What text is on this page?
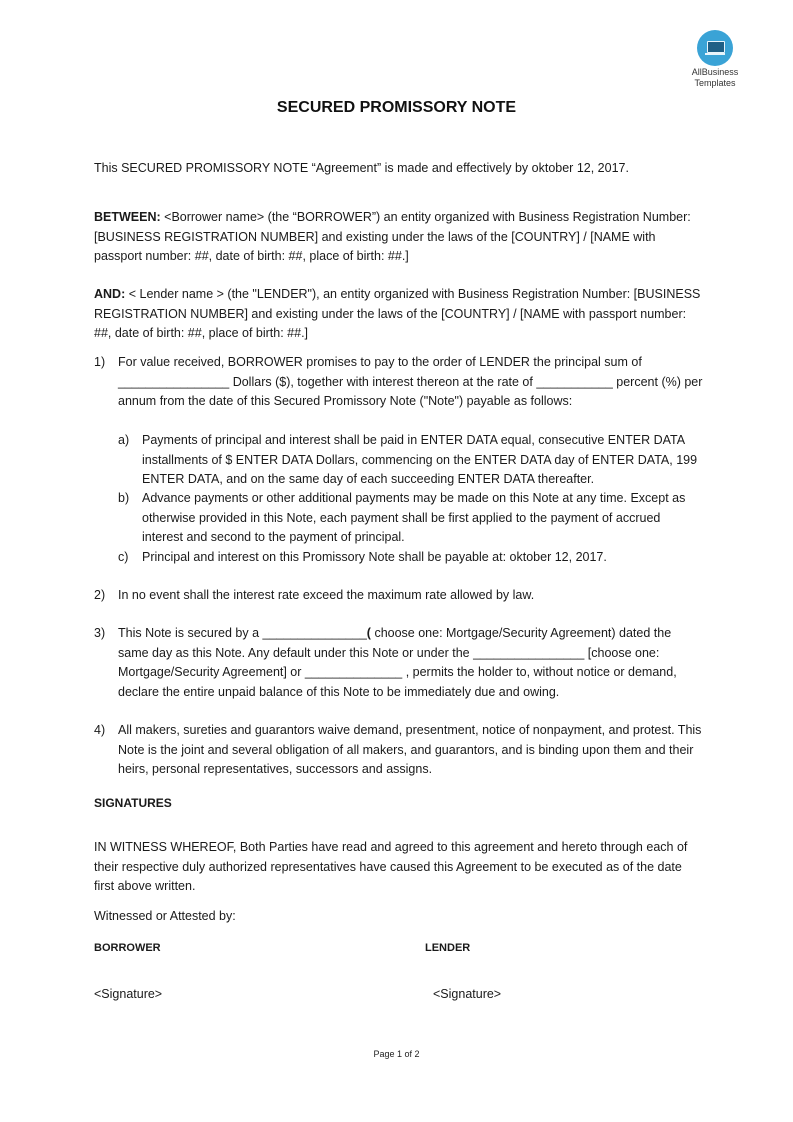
AllBusiness
Templates
SECURED PROMISSORY NOTE

This SECURED PROMISSORY NOTE “Agreement” is made and effectively by oktober 12, 2017.

BETWEEN: <Borrower name> (the “BORROWER”) an entity organized with Business Registration Number: [BUSINESS REGISTRATION NUMBER] and existing under the laws of the [COUNTRY] / [NAME with passport number: ##, date of birth: ##, place of birth: ##.]

AND: < Lender name > (the "LENDER"), an entity organized with Business Registration Number: [BUSINESS REGISTRATION NUMBER] and existing under the laws of the [COUNTRY] / [NAME with passport number: ##, date of birth: ##, place of birth: ##.]

1) For value received, BORROWER promises to pay to the order of LENDER the principal sum of ________________ Dollars ($), together with interest thereon at the rate of ___________ percent (%) per annum from the date of this Secured Promissory Note ("Note") payable as follows:

a) Payments of principal and interest shall be paid in ENTER DATA equal, consecutive ENTER DATA installments of $ ENTER DATA Dollars, commencing on the ENTER DATA day of ENTER DATA, 199 ENTER DATA, and on the same day of each succeeding ENTER DATA thereafter.

b) Advance payments or other additional payments may be made on this Note at any time. Except as otherwise provided in this Note, each payment shall be first applied to the payment of accrued interest and second to the payment of principal.

c) Principal and interest on this Promissory Note shall be payable at: oktober 12, 2017.

2) In no event shall the interest rate exceed the maximum rate allowed by law.

3) This Note is secured by a _______________( choose one: Mortgage/Security Agreement) dated the same day as this Note. Any default under this Note or under the ________________ [choose one: Mortgage/Security Agreement] or ______________ , permits the holder to, without notice or demand, declare the entire unpaid balance of this Note to be immediately due and owing.

4) All makers, sureties and guarantors waive demand, presentment, notice of nonpayment, and protest. This Note is the joint and several obligation of all makers, and guarantors, and is binding upon them and their heirs, personal representatives, successors and assigns.

SIGNATURES

IN WITNESS WHEREOF, Both Parties have read and agreed to this agreement and hereto through each of their respective duly authorized representatives have caused this Agreement to be executed as of the date first above written.

Witnessed or Attested by:

BORROWER	LENDER

<Signature>	<Signature>

Page 1 of 2
